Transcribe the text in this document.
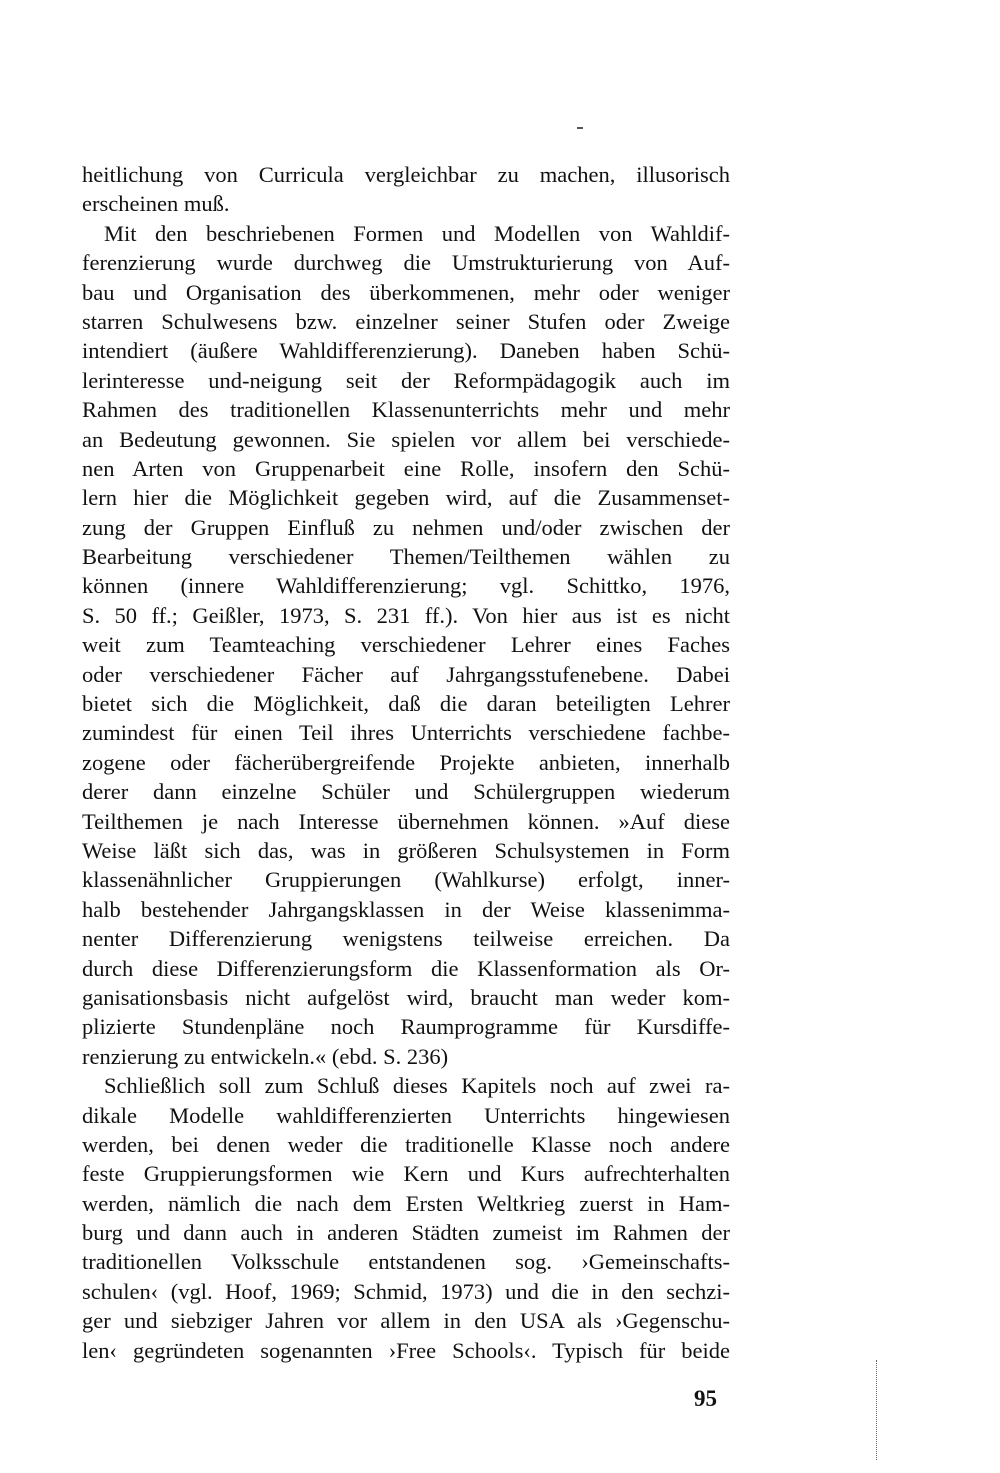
heitlichung von Curricula vergleichbar zu machen, illusorisch
erscheinen muß.
Mit den beschriebenen Formen und Modellen von Wahldif-
ferenzierung wurde durchweg die Umstrukturierung von Auf-
bau und Organisation des überkommenen, mehr oder weniger
starren Schulwesens bzw. einzelner seiner Stufen oder Zweige
intendiert (äußere Wahldifferenzierung). Daneben haben Schü-
lerinteresse und-neigung seit der Reformpädagogik auch im
Rahmen des traditionellen Klassenunterrichts mehr und mehr
an Bedeutung gewonnen. Sie spielen vor allem bei verschiede-
nen Arten von Gruppenarbeit eine Rolle, insofern den Schü-
lern hier die Möglichkeit gegeben wird, auf die Zusammenset-
zung der Gruppen Einfluß zu nehmen und/oder zwischen der
Bearbeitung verschiedener Themen/Teilthemen wählen zu
können (innere Wahldifferenzierung; vgl. Schittko, 1976,
S. 50 ff.; Geißler, 1973, S. 231 ff.). Von hier aus ist es nicht
weit zum Teamteaching verschiedener Lehrer eines Faches
oder verschiedener Fächer auf Jahrgangsstufenebene. Dabei
bietet sich die Möglichkeit, daß die daran beteiligten Lehrer
zumindest für einen Teil ihres Unterrichts verschiedene fachbe-
zogene oder fächerübergreifende Projekte anbieten, innerhalb
derer dann einzelne Schüler und Schülergruppen wiederum
Teilthemen je nach Interesse übernehmen können. »Auf diese
Weise läßt sich das, was in größeren Schulsystemen in Form
klassenähnlicher Gruppierungen (Wahlkurse) erfolgt, inner-
halb bestehender Jahrgangsklassen in der Weise klassenimma-
nenter Differenzierung wenigstens teilweise erreichen. Da
durch diese Differenzierungsform die Klassenformation als Or-
ganisationsbasis nicht aufgelöst wird, braucht man weder kom-
plizierte Stundenpläne noch Raumprogramme für Kursdiffe-
renzierung zu entwickeln.« (ebd. S. 236)
Schließlich soll zum Schluß dieses Kapitels noch auf zwei ra-
dikale Modelle wahldifferenzierten Unterrichts hingewiesen
werden, bei denen weder die traditionelle Klasse noch andere
feste Gruppierungsformen wie Kern und Kurs aufrechterhalten
werden, nämlich die nach dem Ersten Weltkrieg zuerst in Ham-
burg und dann auch in anderen Städten zumeist im Rahmen der
traditionellen Volksschule entstandenen sog. ›Gemeinschafts-
schulen‹ (vgl. Hoof, 1969; Schmid, 1973) und die in den sechzi-
ger und siebziger Jahren vor allem in den USA als ›Gegenschu-
len‹ gegründeten sogenannten ›Free Schools‹. Typisch für beide
95
